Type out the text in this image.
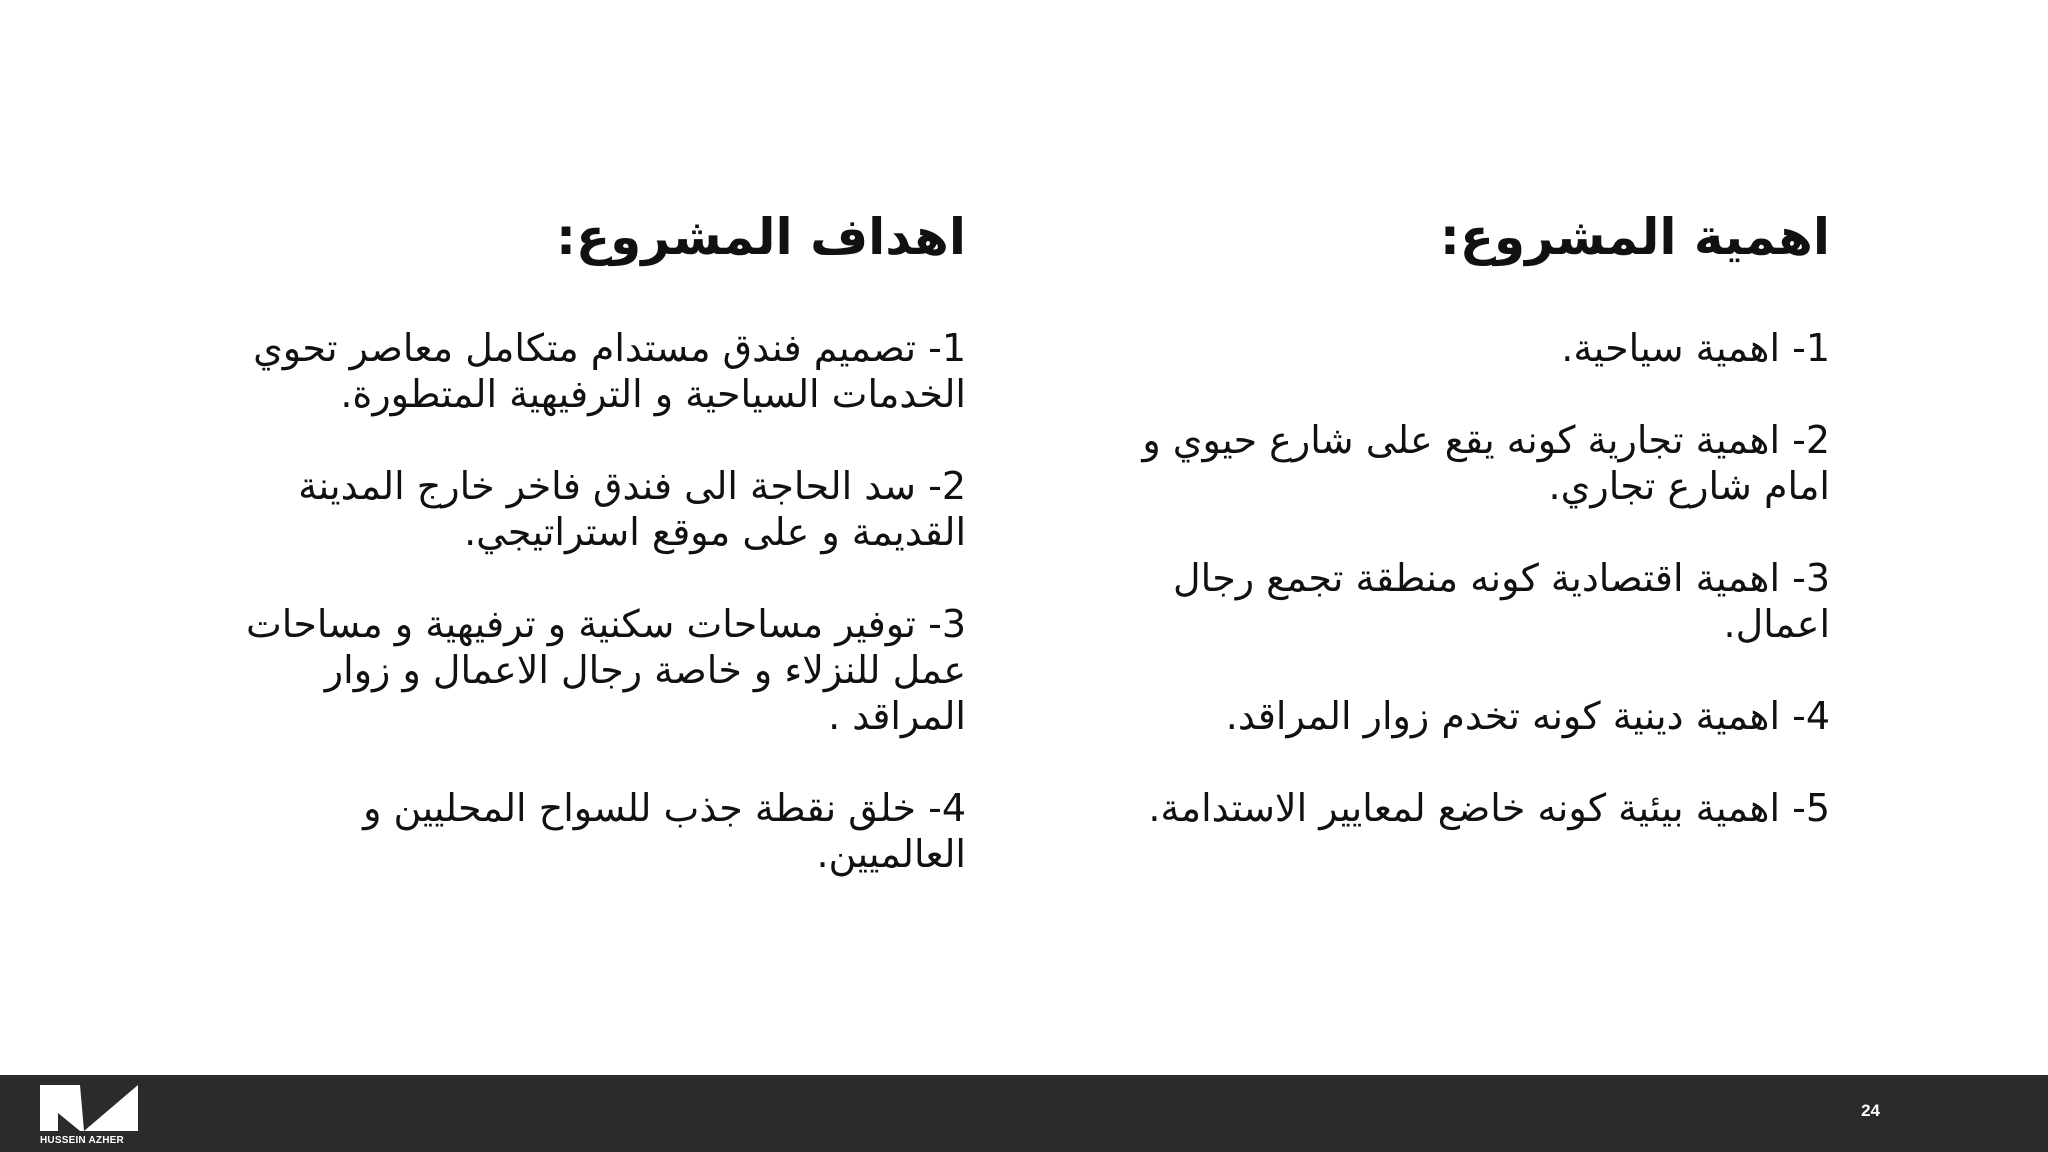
اهمية المشروع:
1- اهمية سياحية.
2- اهمية تجارية كونه يقع على شارع حيوي و امام شارع تجاري.
3- اهمية اقتصادية كونه منطقة تجمع رجال اعمال.
4- اهمية دينية كونه تخدم زوار المراقد.
5- اهمية بيئية كونه خاضع لمعايير الاستدامة.
اهداف المشروع:
1- تصميم فندق مستدام متكامل معاصر تحوي الخدمات السياحية و الترفيهية المتطورة.
2- سد الحاجة الى فندق فاخر خارج المدينة القديمة و على موقع استراتيجي.
3- توفير مساحات سكنية و ترفيهية و مساحات عمل للنزلاء و خاصة رجال الاعمال و زوار المراقد .
4- خلق نقطة جذب للسواح المحليين و العالميين.
HUSSEIN AZHER
24
